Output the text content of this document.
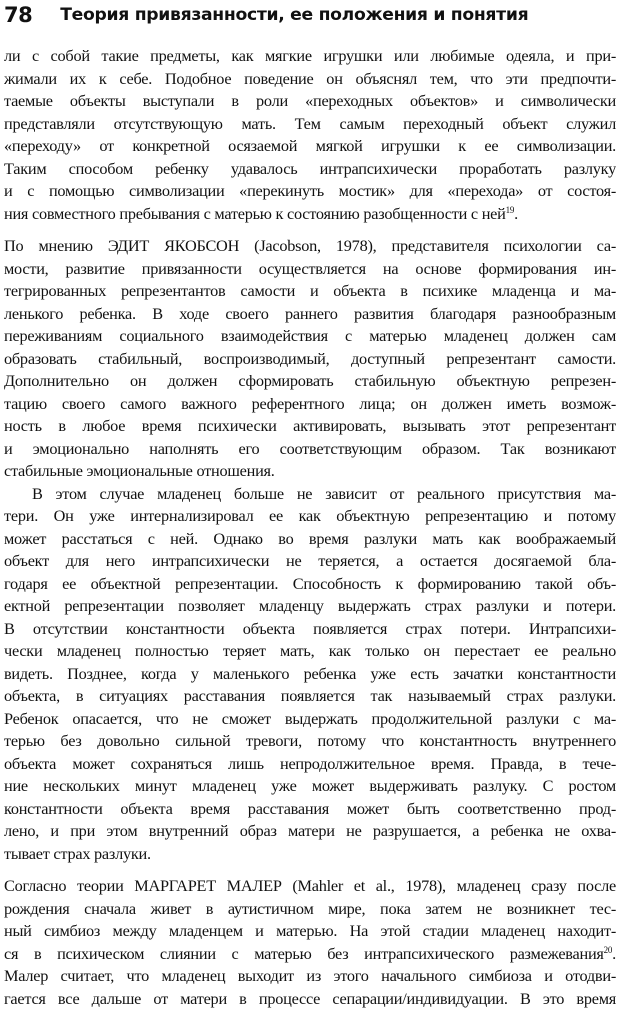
78 Теория привязанности, ее положения и понятия

ли с собой такие предметы, как мягкие игрушки или любимые одеяла, и при-
жимали их к себе. Подобное поведение он объяснял тем, что эти предпочти-
таемые объекты выступали в роли «переходных объектов» и символически
представляли отсутствующую мать. Тем самым переходный объект служил
«переходу» от конкретной осязаемой мягкой игрушки к ее символизации.
Таким способом ребенку удавалось интрапсихически проработать разлуку
и с помощью символизации «перекинуть мостик» для «перехода» от состоя-
ния совместного пребывания с матерью к состоянию разобщенности с ней$^{19}$.

По мнению ЭДИТ ЯКОБСОН (Jacobson, 1978), представителя психологии са-
мости, развитие привязанности осуществляется на основе формирования ин-
тегрированных репрезентантов самости и объекта в психике младенца и ма-
ленького ребенка. В ходе своего раннего развития благодаря разнообразным
переживаниям социального взаимодействия с матерью младенец должен сам
образовать стабильный, воспроизводимый, доступный репрезентант самости.
Дополнительно он должен сформировать стабильную объектную репрезен-
тацию своего самого важного референтного лица; он должен иметь возмож-
ность в любое время психически активировать, вызывать этот репрезентант
и эмоционально наполнять его соответствующим образом. Так возникают
стабильные эмоциональные отношения.

В этом случае младенец больше не зависит от реального присутствия ма-
тери. Он уже интернализировал ее как объектную репрезентацию и потому
может расстаться с ней. Однако во время разлуки мать как воображаемый
объект для него интрапсихически не теряется, а остается досягаемой бла-
годаря ее объектной репрезентации. Способность к формированию такой объ-
ектной репрезентации позволяет младенцу выдержать страх разлуки и потери.
В отсутствии константности объекта появляется страх потери. Интрапсихи-
чески младенец полностью теряет мать, как только он перестает ее реально
видеть. Позднее, когда у маленького ребенка уже есть зачатки константности
объекта, в ситуациях расставания появляется так называемый страх разлуки.
Ребенок опасается, что не сможет выдержать продолжительной разлуки с ма-
терью без довольно сильной тревоги, потому что константность внутреннего
объекта может сохраняться лишь непродолжительное время. Правда, в тече-
ние нескольких минут младенец уже может выдерживать разлуку. С ростом
константности объекта время расставания может быть соответственно прод-
лено, и при этом внутренний образ матери не разрушается, а ребенка не охва-
тывает страх разлуки.

Согласно теории МАРГАРЕТ МАЛЕР (Mahler et al., 1978), младенец сразу после
рождения сначала живет в аутистичном мире, пока затем не возникнет тес-
ный симбиоз между младенцем и матерью. На этой стадии младенец находит-
ся в психическом слиянии с матерью без интрапсихического размежевания$^{20}$.
Малер считает, что младенец выходит из этого начального симбиоза и отодви-
гается все дальше от матери в процессе сепарации/индивидуации. В это время
